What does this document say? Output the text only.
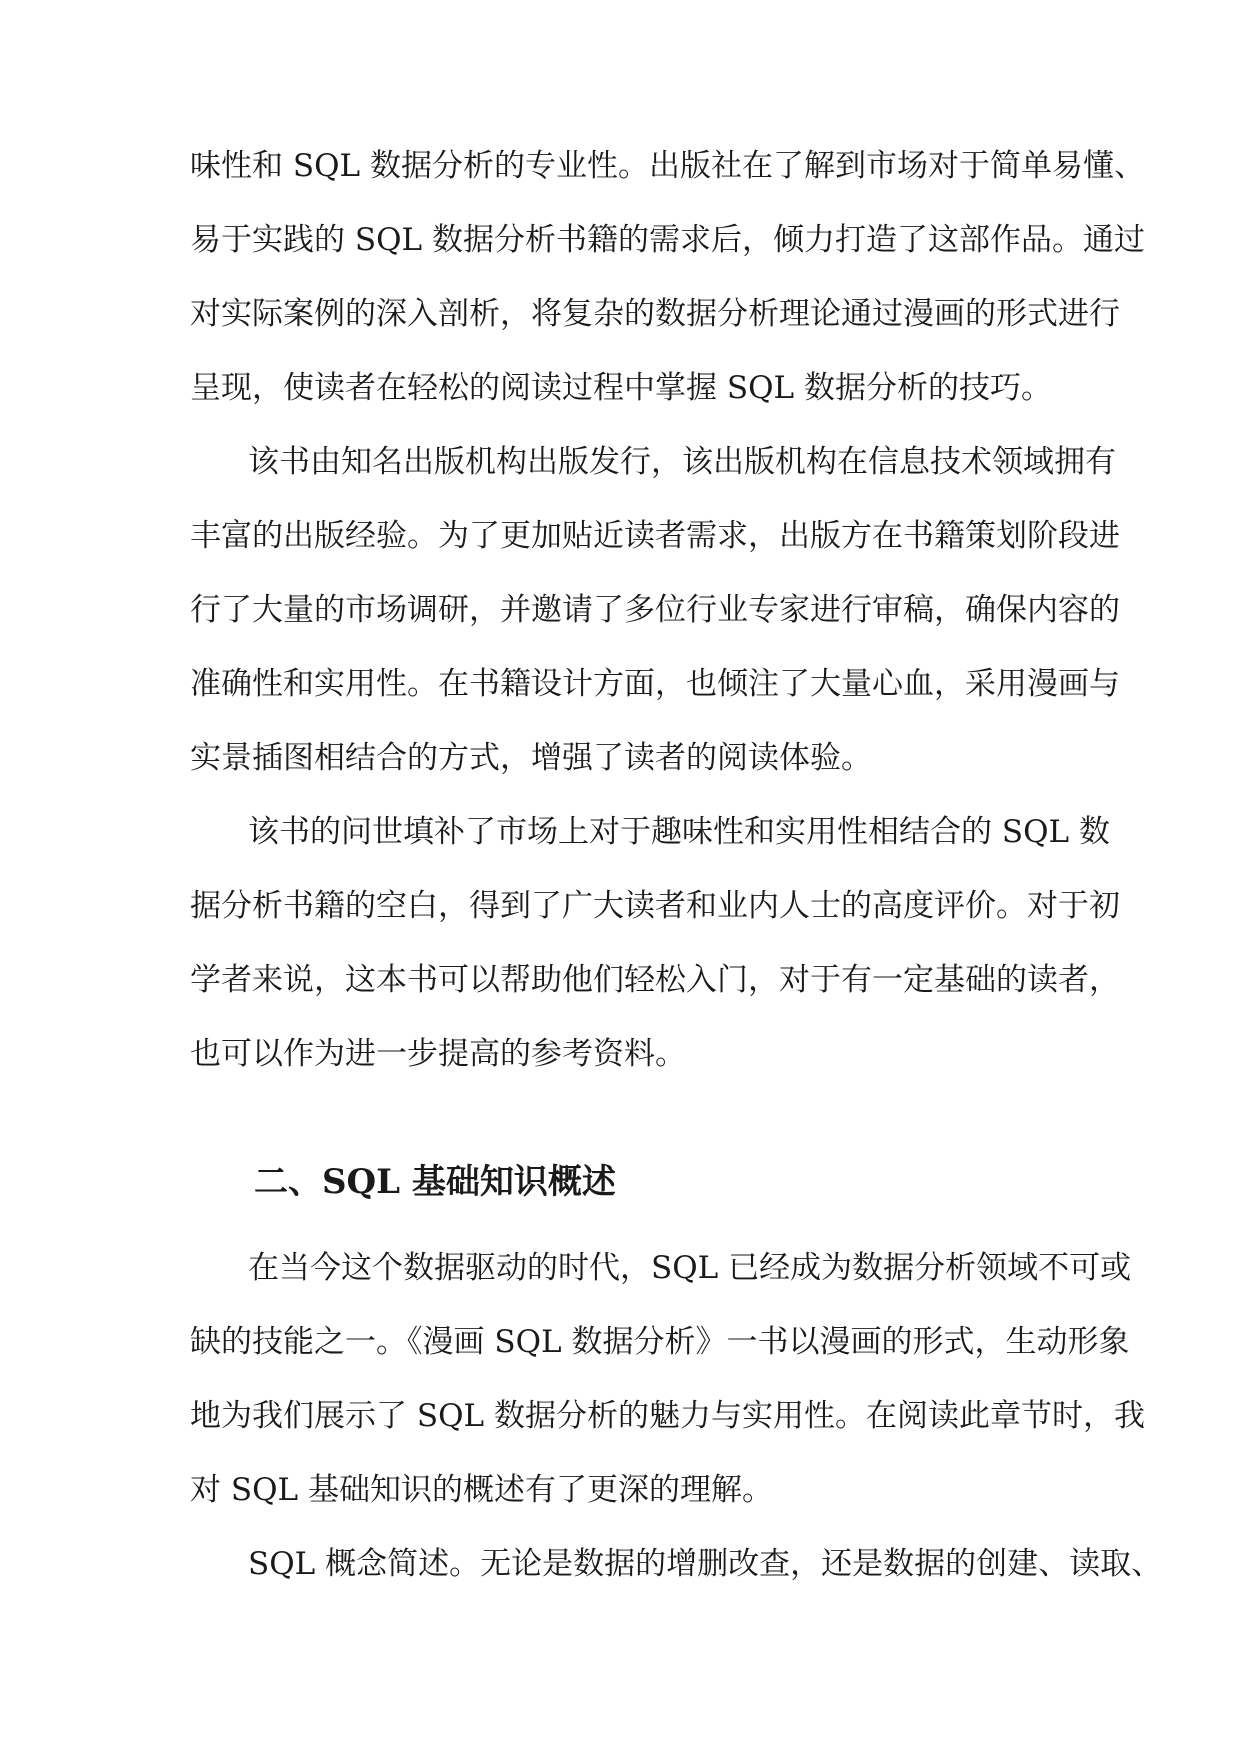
味性和 SQL 数据分析的专业性。出版社在了解到市场对于简单易懂、

易于实践的 SQL 数据分析书籍的需求后，倾力打造了这部作品。通过

对实际案例的深入剖析，将复杂的数据分析理论通过漫画的形式进行

呈现，使读者在轻松的阅读过程中掌握 SQL 数据分析的技巧。

该书由知名出版机构出版发行，该出版机构在信息技术领域拥有

丰富的出版经验。为了更加贴近读者需求，出版方在书籍策划阶段进

行了大量的市场调研，并邀请了多位行业专家进行审稿，确保内容的

准确性和实用性。在书籍设计方面，也倾注了大量心血，采用漫画与

实景插图相结合的方式，增强了读者的阅读体验。

该书的问世填补了市场上对于趣味性和实用性相结合的 SQL 数

据分析书籍的空白，得到了广大读者和业内人士的高度评价。对于初

学者来说，这本书可以帮助他们轻松入门，对于有一定基础的读者，

也可以作为进一步提高的参考资料。

二、SQL 基础知识概述

在当今这个数据驱动的时代，SQL 已经成为数据分析领域不可或

缺的技能之一。《漫画 SQL 数据分析》一书以漫画的形式，生动形象

地为我们展示了 SQL 数据分析的魅力与实用性。在阅读此章节时，我

对 SQL 基础知识的概述有了更深的理解。

SQL 概念简述。无论是数据的增删改查，还是数据的创建、读取、
